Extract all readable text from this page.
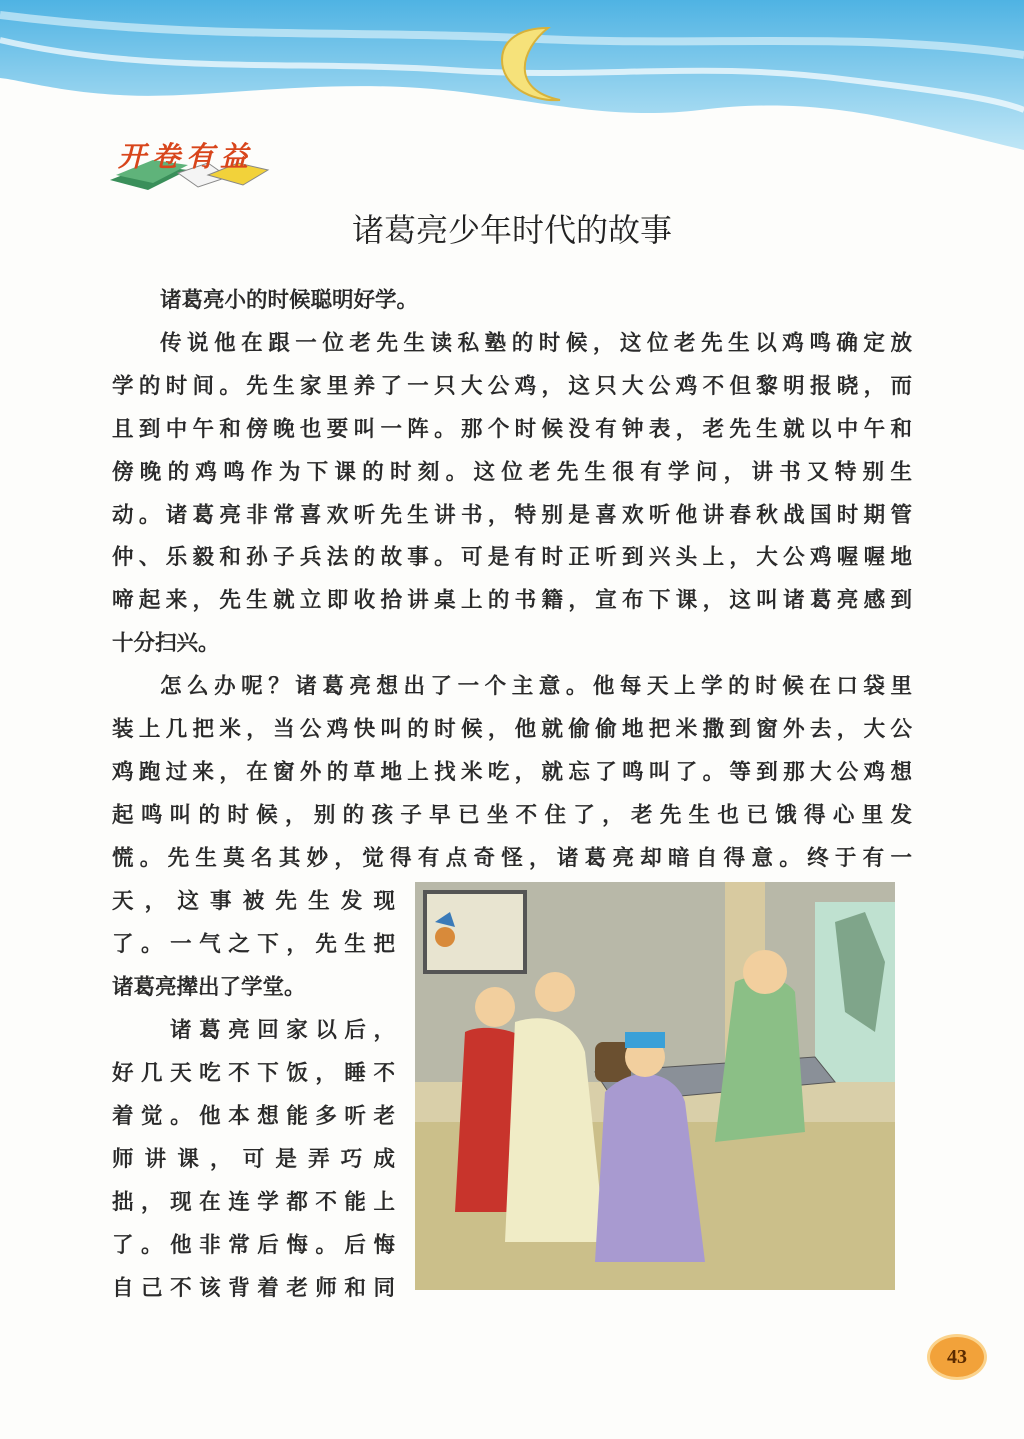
开卷有益
诸葛亮少年时代的故事
诸葛亮小的时候聪明好学。
传说他在跟一位老先生读私塾的时候，这位老先生以鸡鸣确定放
学的时间。先生家里养了一只大公鸡，这只大公鸡不但黎明报晓，而
且到中午和傍晚也要叫一阵。那个时候没有钟表，老先生就以中午和
傍晚的鸡鸣作为下课的时刻。这位老先生很有学问，讲书又特别生
动。诸葛亮非常喜欢听先生讲书，特别是喜欢听他讲春秋战国时期管
仲、乐毅和孙子兵法的故事。可是有时正听到兴头上，大公鸡喔喔地
啼起来，先生就立即收拾讲桌上的书籍，宣布下课，这叫诸葛亮感到
十分扫兴。
怎么办呢？诸葛亮想出了一个主意。他每天上学的时候在口袋里
装上几把米，当公鸡快叫的时候，他就偷偷地把米撒到窗外去，大公
鸡跑过来，在窗外的草地上找米吃，就忘了鸣叫了。等到那大公鸡想
起鸣叫的时候，别的孩子早已坐不住了，老先生也已饿得心里发
慌。先生莫名其妙，觉得有点奇怪，诸葛亮却暗自得意。终于有一
天，这事被先生发现
了。一气之下，先生把
诸葛亮撵出了学堂。
诸葛亮回家以后，
好几天吃不下饭，睡不
着觉。他本想能多听老
师讲课，可是弄巧成
拙，现在连学都不能上
了。他非常后悔。后悔
自己不该背着老师和同
43
